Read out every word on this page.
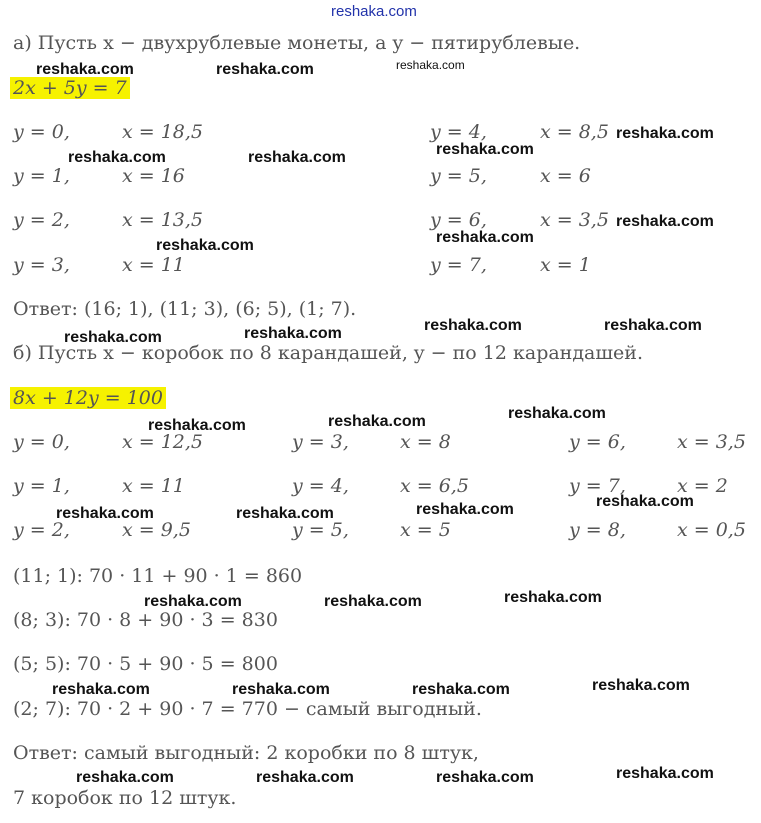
reshaka.com
а) Пусть x − двухрублевые монеты, а y − пятирублевые.
2x + 5y = 7
y = 0,	x = 18,5
y = 1,	x = 16
y = 2,	x = 13,5
y = 3,	x = 11
y = 4,	x = 8,5
y = 5,	x = 6
y = 6,	x = 3,5
y = 7,	x = 1
Ответ: (16; 1), (11; 3), (6; 5), (1; 7).
б) Пусть x − коробок по 8 карандашей, y − по 12 карандашей.
8x + 12y = 100
y = 0,	x = 12,5
y = 1,	x = 11
y = 2,	x = 9,5
y = 3,	x = 8
y = 4,	x = 6,5
y = 5,	x = 5
y = 6,	x = 3,5
y = 7,	x = 2
y = 8,	x = 0,5
(11; 1): 70 · 11 + 90 · 1 = 860
(8; 3): 70 · 8 + 90 · 3 = 830
(5; 5): 70 · 5 + 90 · 5 = 800
(2; 7): 70 · 2 + 90 · 7 = 770 − самый выгодный.
Ответ: самый выгодный: 2 коробки по 8 штук,
7 коробок по 12 штук.
reshaka.com	reshaka.com	reshaka.com
reshaka.com
reshaka.com	reshaka.com	reshaka.com
reshaka.com
reshaka.com	reshaka.com
reshaka.com	reshaka.com	reshaka.com	reshaka.com
reshaka.com	reshaka.com	reshaka.com
reshaka.com	reshaka.com	reshaka.com	reshaka.com
reshaka.com	reshaka.com	reshaka.com
reshaka.com	reshaka.com	reshaka.com	reshaka.com
reshaka.com	reshaka.com	reshaka.com	reshaka.com
